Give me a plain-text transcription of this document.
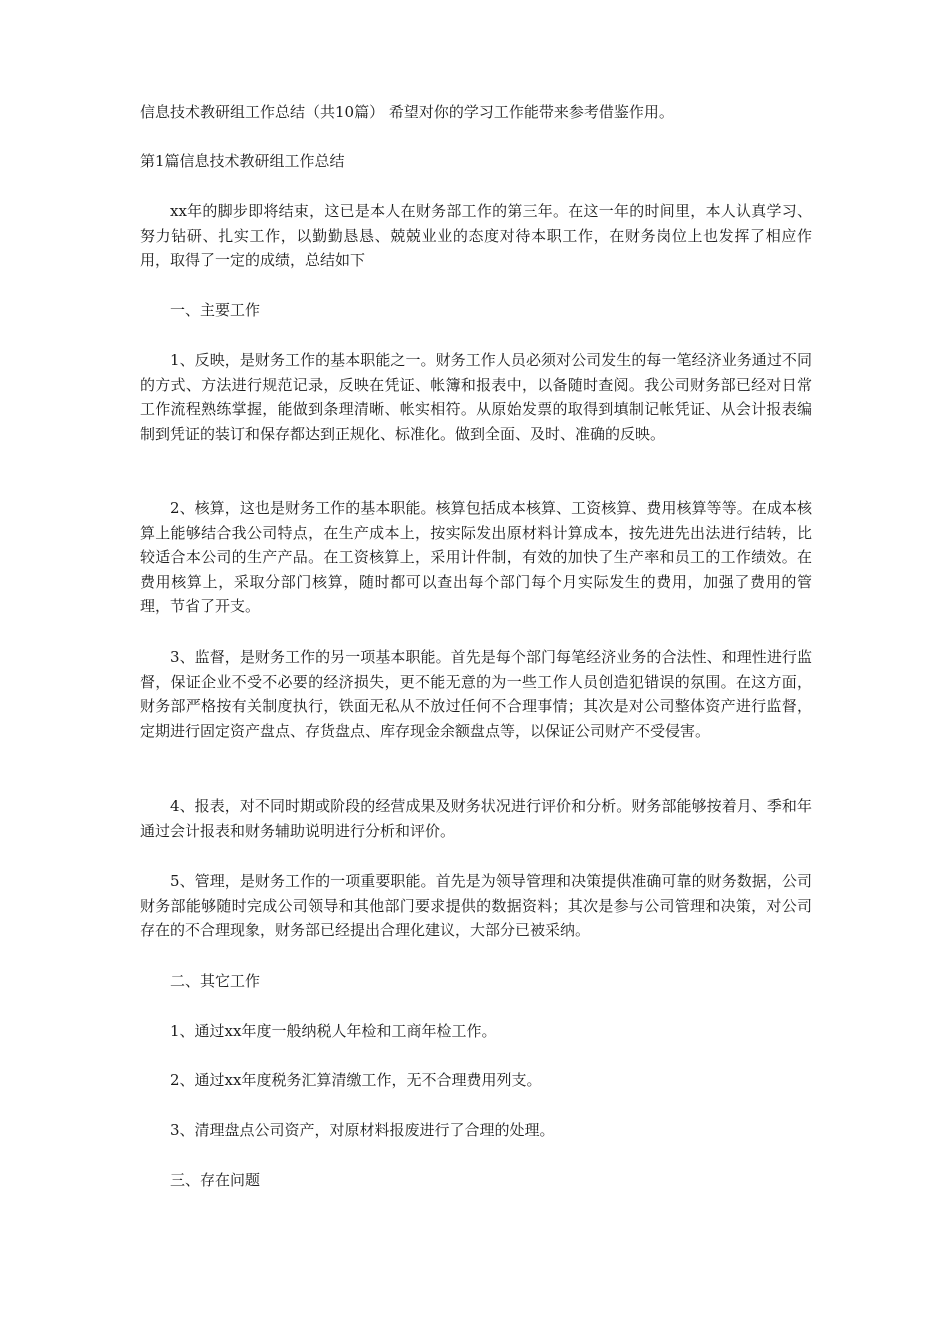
信息技术教研组工作总结（共10篇） 希望对你的学习工作能带来参考借鉴作用。

第1篇信息技术教研组工作总结

xx年的脚步即将结束，这已是本人在财务部工作的第三年。在这一年的时间里，本人认真学习、努力钻研、扎实工作，以勤勤恳恳、兢兢业业的态度对待本职工作，在财务岗位上也发挥了相应作用，取得了一定的成绩，总结如下

一、主要工作

1、反映，是财务工作的基本职能之一。财务工作人员必须对公司发生的每一笔经济业务通过不同的方式、方法进行规范记录，反映在凭证、帐簿和报表中，以备随时查阅。我公司财务部已经对日常工作流程熟练掌握，能做到条理清晰、帐实相符。从原始发票的取得到填制记帐凭证、从会计报表编制到凭证的装订和保存都达到正规化、标准化。做到全面、及时、准确的反映。

2、核算，这也是财务工作的基本职能。核算包括成本核算、工资核算、费用核算等等。在成本核算上能够结合我公司特点，在生产成本上，按实际发出原材料计算成本，按先进先出法进行结转，比较适合本公司的生产产品。在工资核算上，采用计件制，有效的加快了生产率和员工的工作绩效。在费用核算上，采取分部门核算，随时都可以查出每个部门每个月实际发生的费用，加强了费用的管理，节省了开支。

3、监督，是财务工作的另一项基本职能。首先是每个部门每笔经济业务的合法性、和理性进行监督，保证企业不受不必要的经济损失，更不能无意的为一些工作人员创造犯错误的氛围。在这方面，财务部严格按有关制度执行，铁面无私从不放过任何不合理事情；其次是对公司整体资产进行监督，定期进行固定资产盘点、存货盘点、库存现金余额盘点等，以保证公司财产不受侵害。

4、报表，对不同时期或阶段的经营成果及财务状况进行评价和分析。财务部能够按着月、季和年通过会计报表和财务辅助说明进行分析和评价。

5、管理，是财务工作的一项重要职能。首先是为领导管理和决策提供准确可靠的财务数据，公司财务部能够随时完成公司领导和其他部门要求提供的数据资料；其次是参与公司管理和决策，对公司存在的不合理现象，财务部已经提出合理化建议，大部分已被采纳。

二、其它工作

1、通过xx年度一般纳税人年检和工商年检工作。

2、通过xx年度税务汇算清缴工作，无不合理费用列支。

3、清理盘点公司资产，对原材料报废进行了合理的处理。

三、存在问题
